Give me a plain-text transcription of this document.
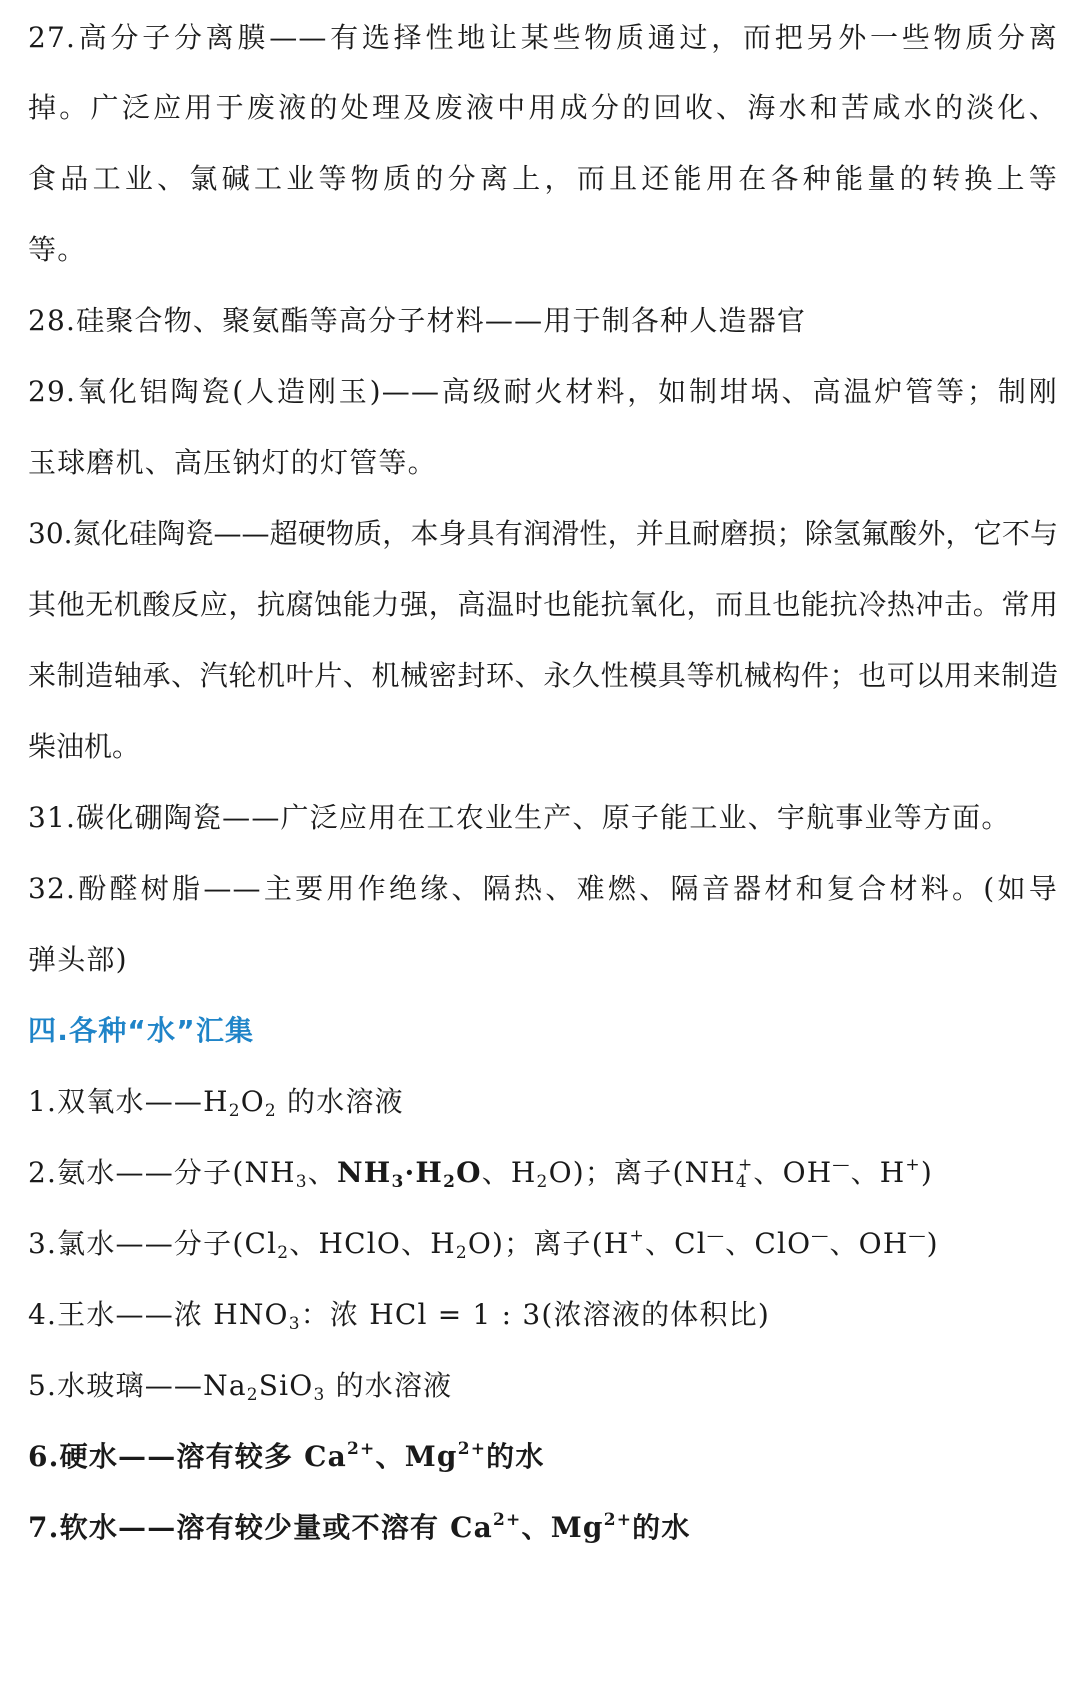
27.高分子分离膜——有选择性地让某些物质通过，而把另外一些物质分离
掉。广泛应用于废液的处理及废液中用成分的回收、海水和苦咸水的淡化、
食品工业、氯碱工业等物质的分离上，而且还能用在各种能量的转换上等
等。
28.硅聚合物、聚氨酯等高分子材料——用于制各种人造器官
29.氧化铝陶瓷(人造刚玉)——高级耐火材料，如制坩埚、高温炉管等；制刚
玉球磨机、高压钠灯的灯管等。
30.氮化硅陶瓷——超硬物质，本身具有润滑性，并且耐磨损；除氢氟酸外，它不与
其他无机酸反应，抗腐蚀能力强，高温时也能抗氧化，而且也能抗冷热冲击。常用
来制造轴承、汽轮机叶片、机械密封环、永久性模具等机械构件；也可以用来制造
柴油机。
31.碳化硼陶瓷——广泛应用在工农业生产、原子能工业、宇航事业等方面。
32.酚醛树脂——主要用作绝缘、隔热、难燃、隔音器材和复合材料。(如导
弹头部)
四.各种“水”汇集
1.双氧水$——H_2O_2$ 的水溶液
2.氨水——分子($NH_3$、$NH_3\cdot H_2O$、$H_2O$)；离子($NH_4^+$、OH—、H+)
3.氯水——分子($Cl_2$、HClO、$H_2O$)；离子(H+、Cl—、ClO—、OH—)
4.王水——浓 $HNO_3$：浓 HCl = 1 : 3(浓溶液的体积比)
5.水玻璃$——Na_2SiO_3$ 的水溶液
6.硬水——溶有较多 $Ca^{2+}$、$Mg^{2+}$的水
7.软水——溶有较少量或不溶有 $Ca^{2+}$、$Mg^{2+}$的水
